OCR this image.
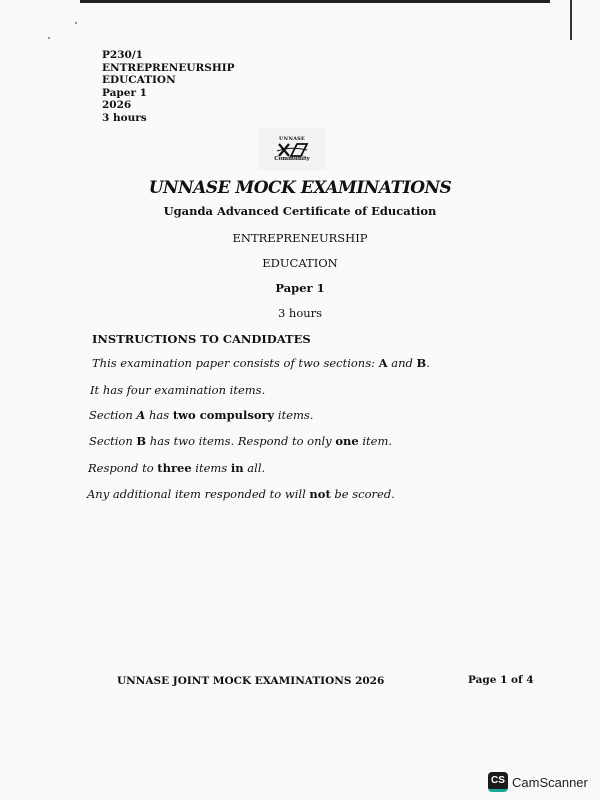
P230/1
ENTREPRENEURSHIP
EDUCATION
Paper 1
2026
3 hours
UNNASE
Community
UNNASE MOCK EXAMINATIONS
Uganda Advanced Certificate of Education
ENTREPRENEURSHIP
EDUCATION
Paper 1
3 hours
INSTRUCTIONS TO CANDIDATES
This examination paper consists of two sections: A and B.
It has four examination items.
Section A has two compulsory items.
Section B has two items. Respond to only one item.
Respond to three items in all.
Any additional item responded to will not be scored.
UNNASE JOINT MOCK EXAMINATIONS 2026	Page 1 of 4
CS CamScanner
